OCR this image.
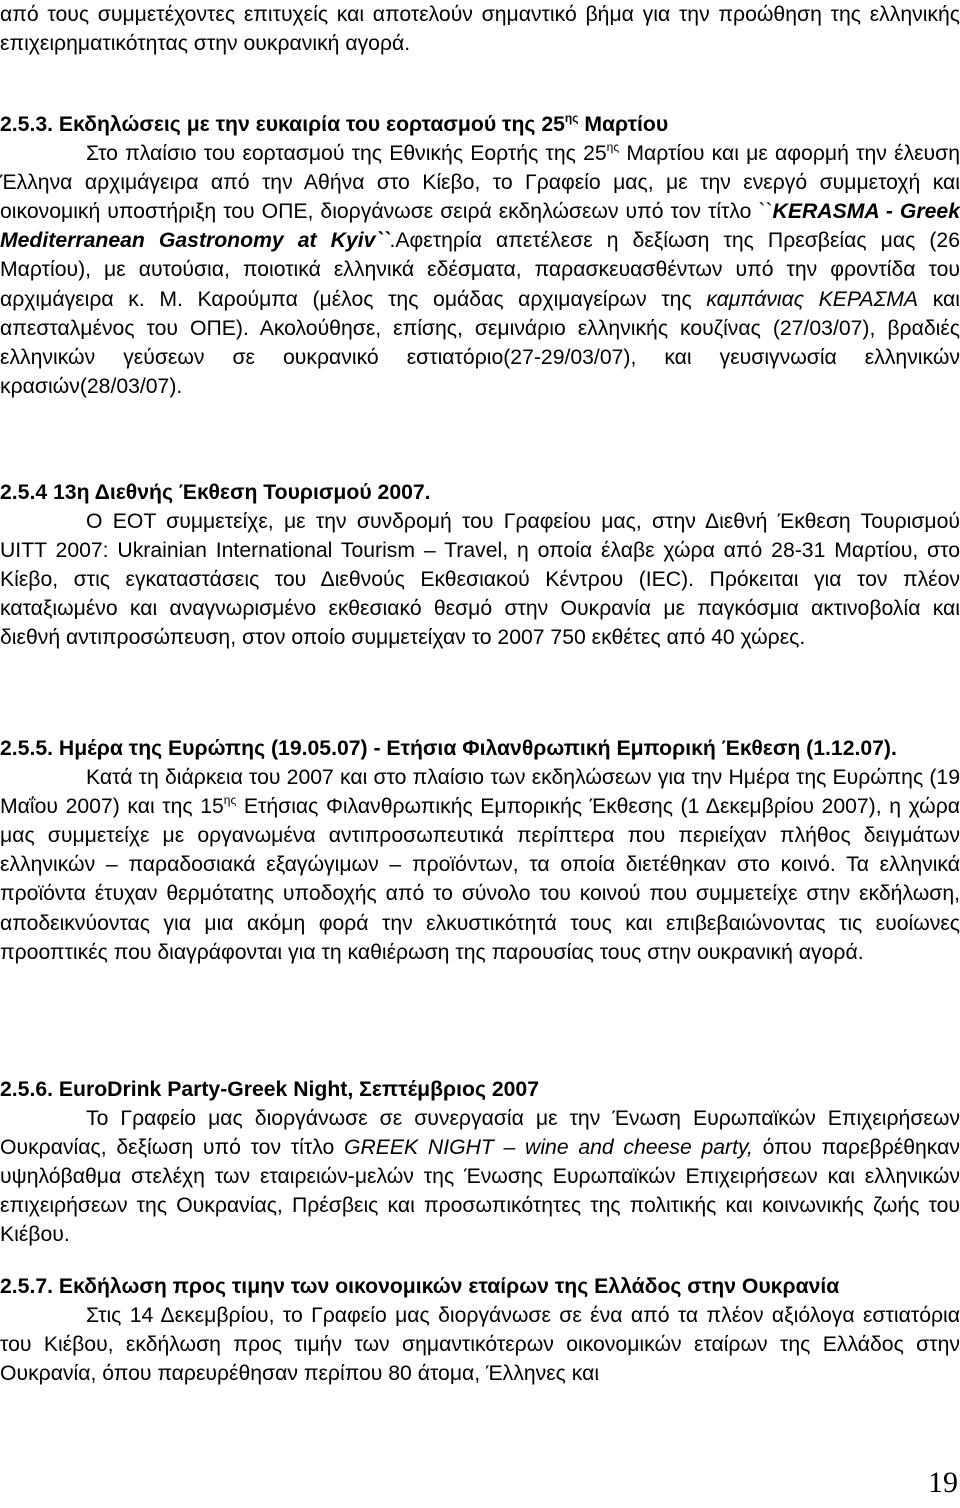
από τους συμμετέχοντες επιτυχείς και αποτελούν σημαντικό βήμα για την προώθηση της ελληνικής επιχειρηματικότητας στην ουκρανική αγορά.

2.5.3. Εκδηλώσεις με την ευκαιρία του εορτασμού της $25^{\eta\varsigma}$ Μαρτίου

Στο πλαίσιο του εορτασμού της Εθνικής Εορτής της $25^{\eta\varsigma}$ Μαρτίου και με αφορμή την έλευση Έλληνα αρχιμάγειρα από την Αθήνα στο Κίεβο, το Γραφείο μας, με την ενεργό συμμετοχή και οικονομική υποστήριξη του ΟΠΕ, διοργάνωσε σειρά εκδηλώσεων υπό τον τίτλο ``KERASMA - Greek Mediterranean Gastronomy at Kyiv``.Αφετηρία απετέλεσε η δεξίωση της Πρεσβείας μας (26 Μαρτίου), με αυτούσια, ποιοτικά ελληνικά εδέσματα, παρασκευασθέντων υπό την φροντίδα του αρχιμάγειρα κ. Μ. Καρούμπα (μέλος της ομάδας αρχιμαγείρων της καμπάνιας ΚΕΡΑΣΜΑ και απεσταλμένος του ΟΠΕ). Ακολούθησε, επίσης, σεμινάριο ελληνικής κουζίνας (27/03/07), βραδιές ελληνικών γεύσεων σε ουκρανικό εστιατόριο(27-29/03/07), και γευσιγνωσία ελληνικών κρασιών(28/03/07).

2.5.4 13η Διεθνής Έκθεση Τουρισμού 2007.

Ο ΕΟΤ συμμετείχε, με την συνδρομή του Γραφείου μας, στην Διεθνή Έκθεση Τουρισμού UITT 2007: Ukrainian International Tourism – Travel, η οποία έλαβε χώρα από 28-31 Μαρτίου, στο Κίεβο, στις εγκαταστάσεις του Διεθνούς Εκθεσιακού Κέντρου (IEC). Πρόκειται για τον πλέον καταξιωμένο και αναγνωρισμένο εκθεσιακό θεσμό στην Ουκρανία με παγκόσμια ακτινοβολία και διεθνή αντιπροσώπευση, στον οποίο συμμετείχαν το 2007 750 εκθέτες από 40 χώρες.

2.5.5. Ημέρα της Ευρώπης (19.05.07) - Ετήσια Φιλανθρωπική Εμπορική Έκθεση (1.12.07).

Κατά τη διάρκεια του 2007 και στο πλαίσιο των εκδηλώσεων για την Ημέρα της Ευρώπης (19 Μαΐου 2007) και της $15^{\eta\varsigma}$ Ετήσιας Φιλανθρωπικής Εμπορικής Έκθεσης (1 Δεκεμβρίου 2007), η χώρα μας συμμετείχε με οργανωμένα αντιπροσωπευτικά περίπτερα που περιείχαν πλήθος δειγμάτων ελληνικών – παραδοσιακά εξαγώγιμων – προϊόντων, τα οποία διετέθηκαν στο κοινό. Τα ελληνικά προϊόντα έτυχαν θερμότατης υποδοχής από το σύνολο του κοινού που συμμετείχε στην εκδήλωση, αποδεικνύοντας για μια ακόμη φορά την ελκυστικότητά τους και επιβεβαιώνοντας τις ευοίωνες προοπτικές που διαγράφονται για τη καθιέρωση της παρουσίας τους στην ουκρανική αγορά.

2.5.6. EuroDrink Party-Greek Night, Σεπτέμβριος 2007

Το Γραφείο μας διοργάνωσε σε συνεργασία με την Ένωση Ευρωπαϊκών Επιχειρήσεων Ουκρανίας, δεξίωση υπό τον τίτλο GREEK NIGHT – wine and cheese party, όπου παρεβρέθηκαν υψηλόβαθμα στελέχη των εταιρειών-μελών της Ένωσης Ευρωπαϊκών Επιχειρήσεων και ελληνικών επιχειρήσεων της Ουκρανίας, Πρέσβεις και προσωπικότητες της πολιτικής και κοινωνικής ζωής του Κιέβου.

2.5.7. Εκδήλωση προς τιμην των οικονομικών εταίρων της Ελλάδος στην Ουκρανία

Στις 14 Δεκεμβρίου, το Γραφείο μας διοργάνωσε σε ένα από τα πλέον αξιόλογα εστιατόρια του Κιέβου, εκδήλωση προς τιμήν των σημαντικότερων οικονομικών εταίρων της Ελλάδος στην Ουκρανία, όπου παρευρέθησαν περίπου 80 άτομα, Έλληνες και

19
